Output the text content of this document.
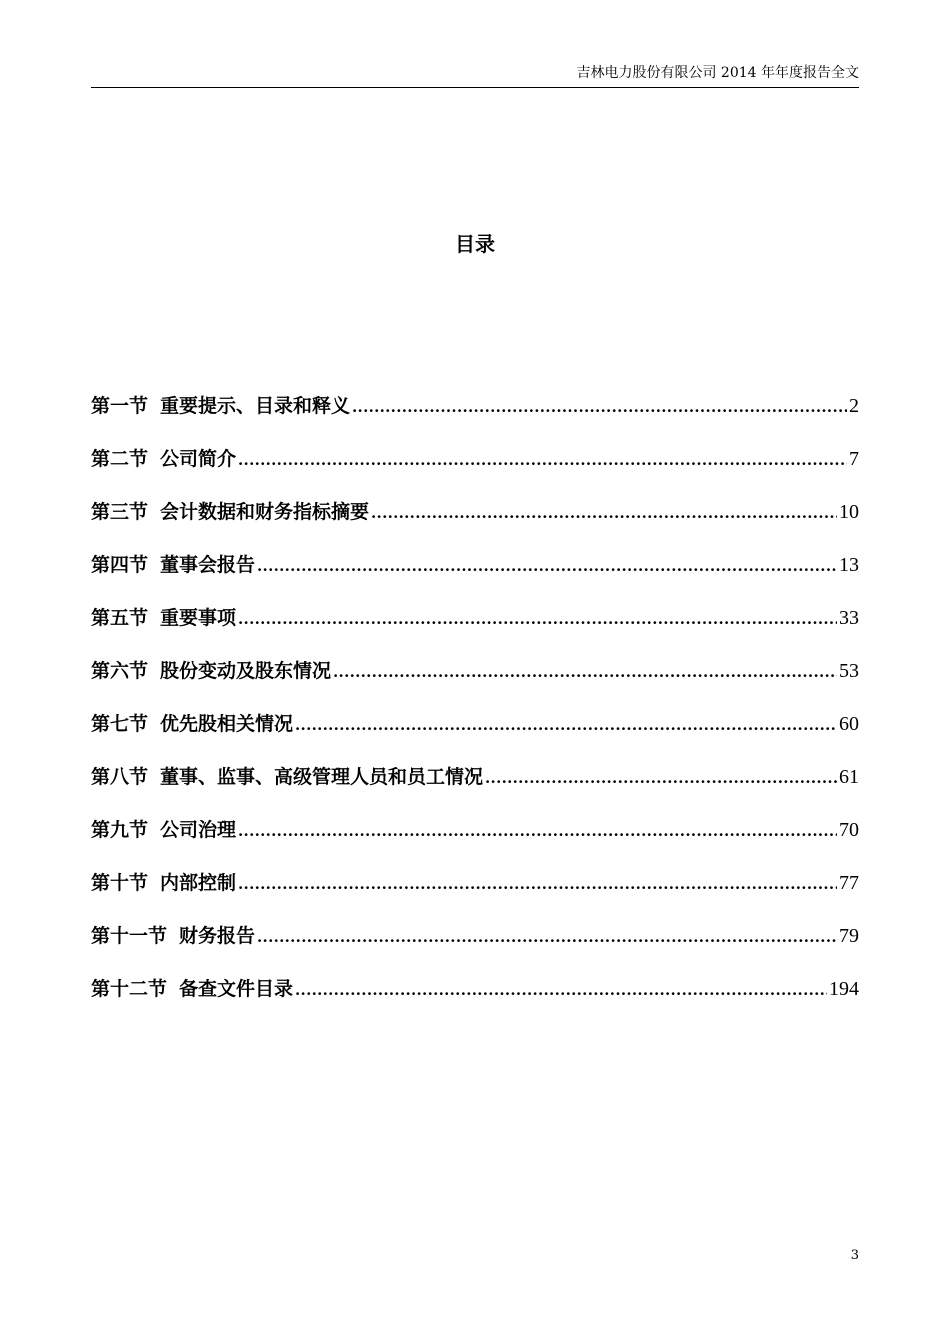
吉林电力股份有限公司 2014 年年度报告全文
目录
第一节 重要提示、目录和释义 .....	2
第二节 公司简介 .....	7
第三节 会计数据和财务指标摘要 .....	10
第四节 董事会报告 .....	13
第五节 重要事项 .....	33
第六节 股份变动及股东情况 .....	53
第七节 优先股相关情况 .....	60
第八节 董事、监事、高级管理人员和员工情况 .....	61
第九节 公司治理 .....	70
第十节 内部控制 .....	77
第十一节 财务报告 .....	79
第十二节 备查文件目录 .....	194
3
